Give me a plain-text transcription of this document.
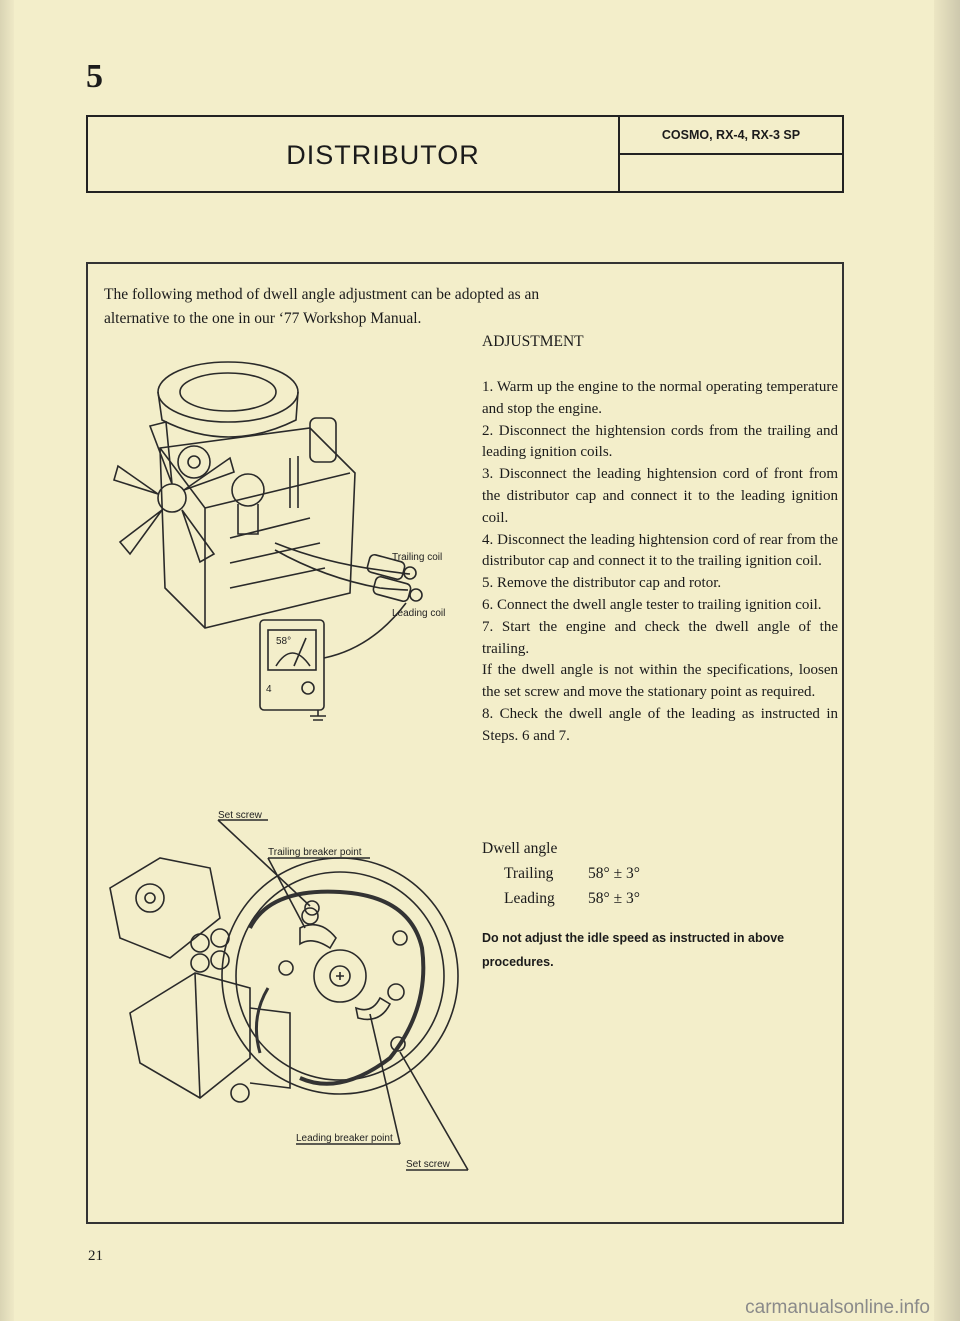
5
DISTRIBUTOR
COSMO, RX-4, RX-3 SP
The following method of dwell angle adjustment can be adopted as an alternative to the one in our ‘77 Workshop Manual.
ADJUSTMENT
1. Warm up the engine to the normal operating temperature and stop the engine.
2. Disconnect the hightension cords from the trailing and leading ignition coils.
3. Disconnect the leading hightension cord of front from the distributor cap and connect it to the leading ignition coil.
4. Disconnect the leading hightension cord of rear from the distributor cap and connect it to the trailing ignition coil.
5. Remove the distributor cap and rotor.
6. Connect the dwell angle tester to trailing ignition coil.
7. Start the engine and check the dwell angle of the trailing.
If the dwell angle is not within the specifications, loosen the set screw and move the stationary point as required.
8. Check the dwell angle of the leading as instructed in Steps. 6 and 7.
Dwell angle
Trailing	58° ± 3°
Leading	58° ± 3°
Do not adjust the idle speed as instructed in above procedures.
Trailing coil
Leading coil
58°
4
Set screw
Trailing breaker point
Leading breaker point
Set screw
21
carmanualsonline.info
